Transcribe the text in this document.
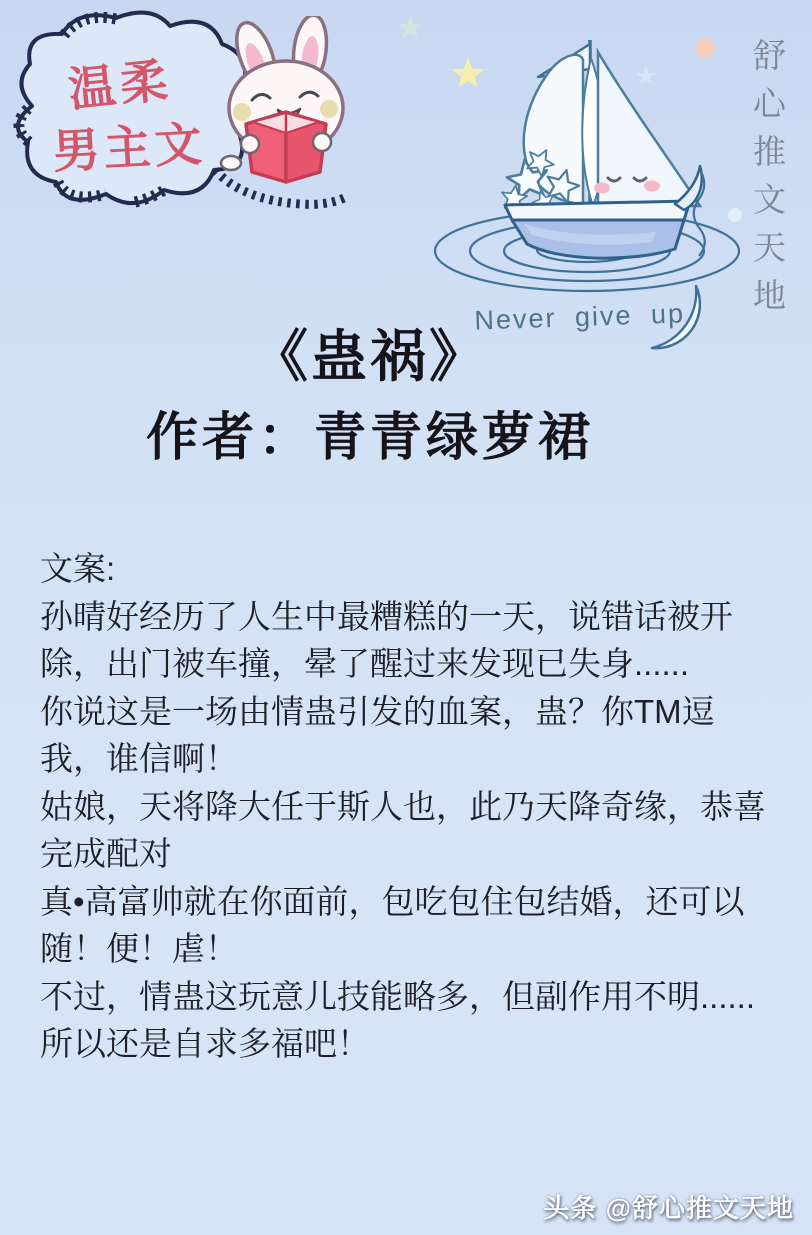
温柔
男主文
Never give up
★
舒心推文天地
《蛊祸》
作者：青青绿萝裙
文案:
孙晴好经历了人生中最糟糕的一天，说错话被开
除，出门被车撞，晕了醒过来发现已失身......
你说这是一场由情蛊引发的血案，蛊？你TM逗
我，谁信啊！
姑娘，天将降大任于斯人也，此乃天降奇缘，恭喜
完成配对
真•高富帅就在你面前，包吃包住包结婚，还可以
随！便！虐！
不过，情蛊这玩意儿技能略多，但副作用不明......
所以还是自求多福吧！
头条 @舒心推文天地
